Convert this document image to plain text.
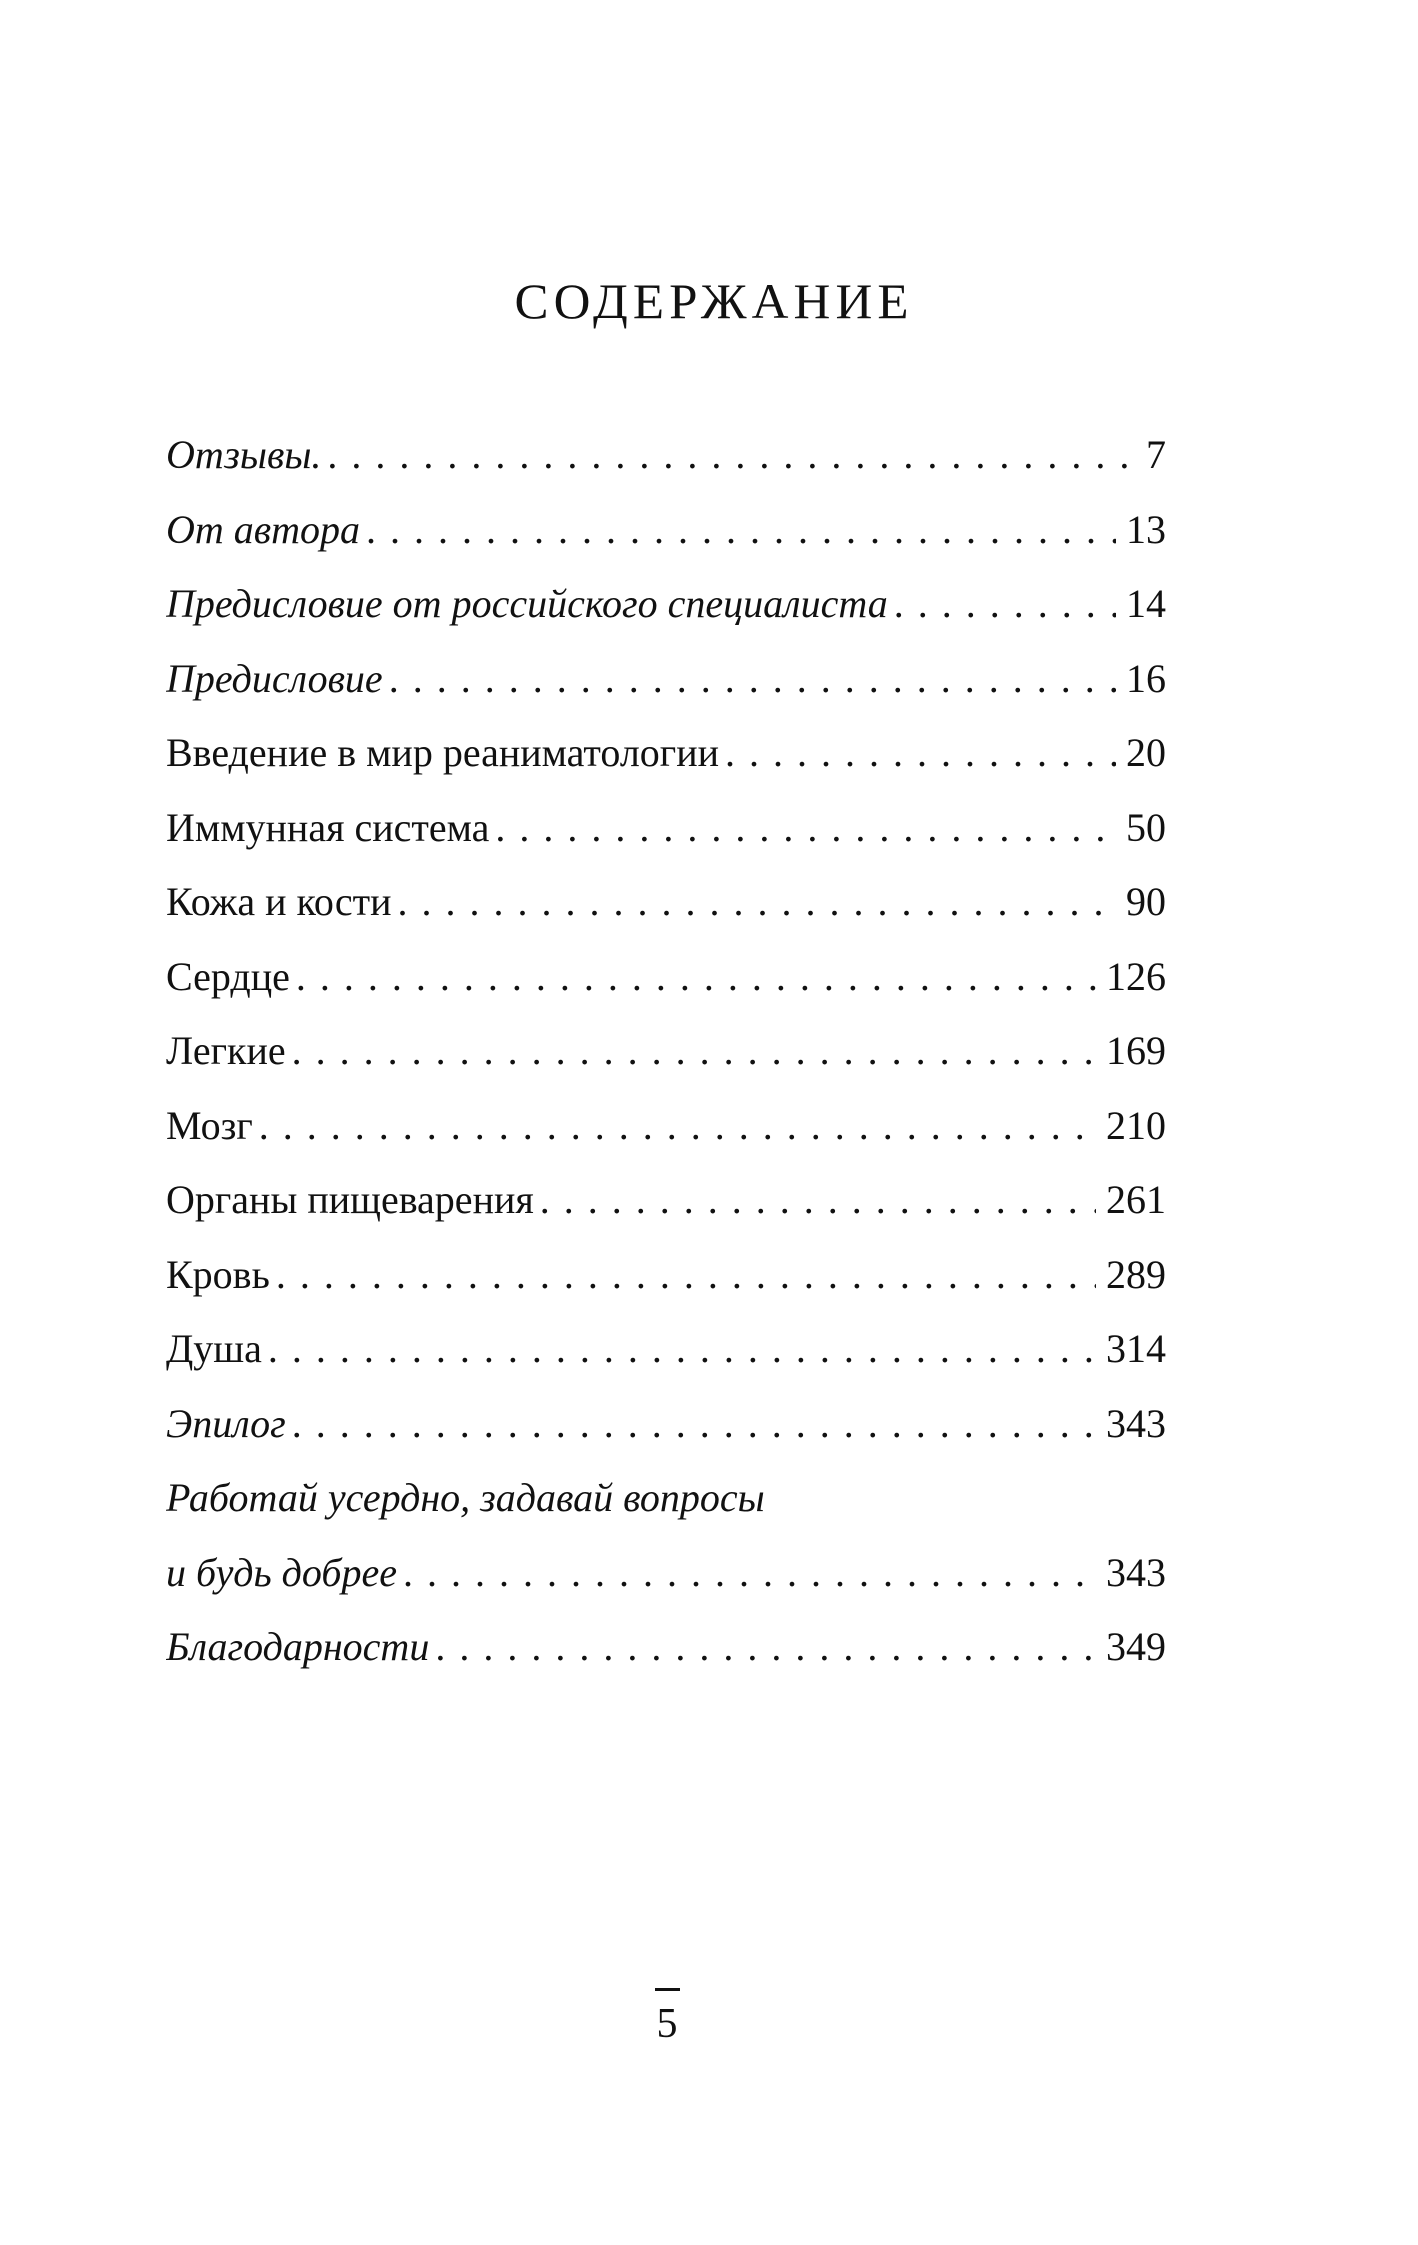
СОДЕРЖАНИЕ
Отзывы. . . .	7
От автора . . .	13
Предисловие от российского специалиста . . .	14
Предисловие . . .	16
Введение в мир реаниматологии . . .	20
Иммунная система . . .	50
Кожа и кости . . .	90
Сердце . . .	126
Легкие . . .	169
Мозг . . .	210
Органы пищеварения . . .	261
Кровь . . .	289
Душа . . .	314
Эпилог . . .	343
Работай усердно, задавай вопросы
и будь добрее . . .	343
Благодарности . . .	349
5
